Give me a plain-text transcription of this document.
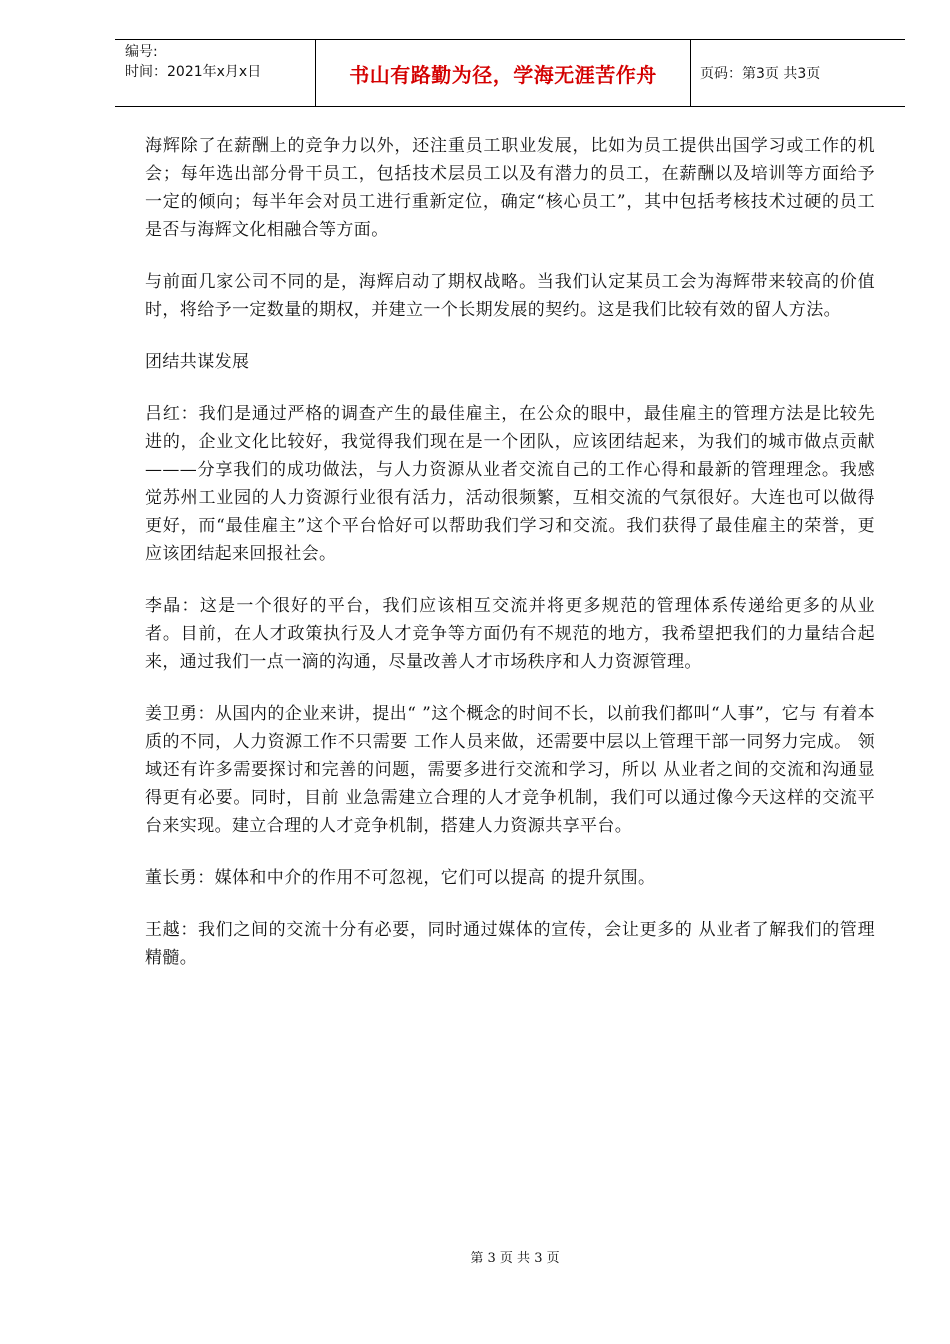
编号:
时间：2021年x月x日	书山有路勤为径，学海无涯苦作舟	页码：第3页 共3页

海辉除了在薪酬上的竞争力以外，还注重员工职业发展，比如为员工提供出国学习或工作的机会；每年选出部分骨干员工，包括技术层员工以及有潜力的员工，在薪酬以及培训等方面给予一定的倾向；每半年会对员工进行重新定位，确定“核心员工”，其中包括考核技术过硬的员工是否与海辉文化相融合等方面。

与前面几家公司不同的是，海辉启动了期权战略。当我们认定某员工会为海辉带来较高的价值时，将给予一定数量的期权，并建立一个长期发展的契约。这是我们比较有效的留人方法。

团结共谋发展

吕红：我们是通过严格的调查产生的最佳雇主，在公众的眼中，最佳雇主的管理方法是比较先进的，企业文化比较好，我觉得我们现在是一个团队，应该团结起来，为我们的城市做点贡献———分享我们的成功做法，与人力资源从业者交流自己的工作心得和最新的管理理念。我感觉苏州工业园的人力资源行业很有活力，活动很频繁，互相交流的气氛很好。大连也可以做得更好，而“最佳雇主”这个平台恰好可以帮助我们学习和交流。我们获得了最佳雇主的荣誉，更应该团结起来回报社会。

李晶：这是一个很好的平台，我们应该相互交流并将更多规范的管理体系传递给更多的从业者。目前，在人才政策执行及人才竞争等方面仍有不规范的地方，我希望把我们的力量结合起来，通过我们一点一滴的沟通，尽量改善人才市场秩序和人力资源管理。

姜卫勇：从国内的企业来讲，提出“ ”这个概念的时间不长，以前我们都叫“人事”，它与 有着本质的不同，人力资源工作不只需要 工作人员来做，还需要中层以上管理干部一同努力完成。 领域还有许多需要探讨和完善的问题，需要多进行交流和学习，所以 从业者之间的交流和沟通显得更有必要。同时，目前 业急需建立合理的人才竞争机制，我们可以通过像今天这样的交流平台来实现。建立合理的人才竞争机制，搭建人力资源共享平台。

董长勇：媒体和中介的作用不可忽视，它们可以提高 的提升氛围。

王越：我们之间的交流十分有必要，同时通过媒体的宣传，会让更多的 从业者了解我们的管理精髓。

第 3 页 共 3 页
